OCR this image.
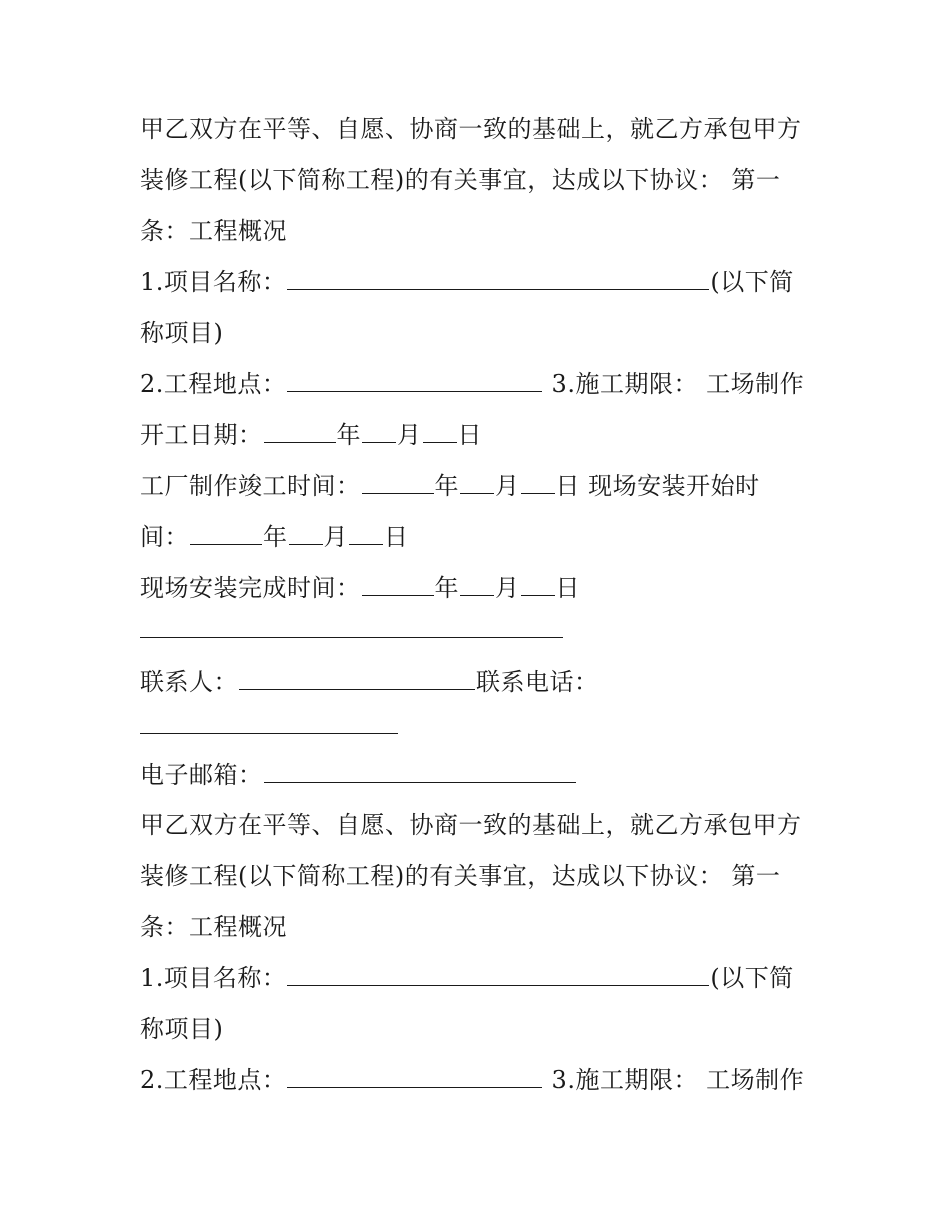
甲乙双方在平等、自愿、协商一致的基础上，就乙方承包甲方
装修工程(以下简称工程)的有关事宜，达成以下协议： 第一
条：工程概况
1.项目名称：	(以下简
称项目)
2.工程地点：	3.施工期限： 工场制作
开工日期：	年 月 日
工厂制作竣工时间：	年 月 日 现场安装开始时
间：	年 月 日
现场安装完成时间：	年 月 日
联系人：	联系电话：
电子邮箱：
甲乙双方在平等、自愿、协商一致的基础上，就乙方承包甲方
装修工程(以下简称工程)的有关事宜，达成以下协议： 第一
条：工程概况
1.项目名称：	(以下简
称项目)
2.工程地点：	3.施工期限： 工场制作
